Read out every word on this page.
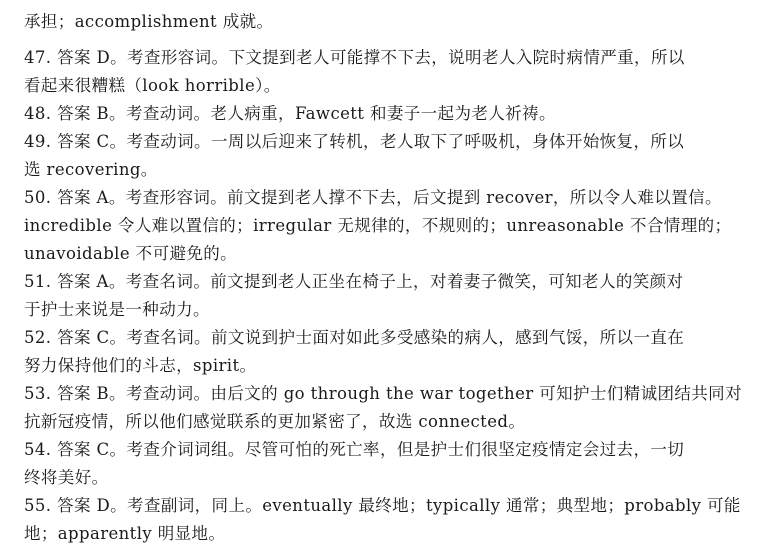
承担；accomplishment 成就。
47. 答案 D。考查形容词。下文提到老人可能撑不下去，说明老人入院时病情严重，所以
看起来很糟糕（look horrible）。
48. 答案 B。考查动词。老人病重，Fawcett 和妻子一起为老人祈祷。
49. 答案 C。考查动词。一周以后迎来了转机，老人取下了呼吸机，身体开始恢复，所以
选 recovering。
50. 答案 A。考查形容词。前文提到老人撑不下去，后文提到 recover，所以令人难以置信。
incredible 令人难以置信的；irregular 无规律的，不规则的；unreasonable 不合情理的；
unavoidable 不可避免的。
51. 答案 A。考查名词。前文提到老人正坐在椅子上，对着妻子微笑，可知老人的笑颜对
于护士来说是一种动力。
52. 答案 C。考查名词。前文说到护士面对如此多受感染的病人，感到气馁，所以一直在
努力保持他们的斗志，spirit。
53. 答案 B。考查动词。由后文的 go through the war together 可知护士们精诚团结共同对
抗新冠疫情，所以他们感觉联系的更加紧密了，故选 connected。
54. 答案 C。考查介词词组。尽管可怕的死亡率，但是护士们很坚定疫情定会过去，一切
终将美好。
55. 答案 D。考查副词，同上。eventually 最终地；typically 通常；典型地；probably 可能
地；apparently 明显地。
